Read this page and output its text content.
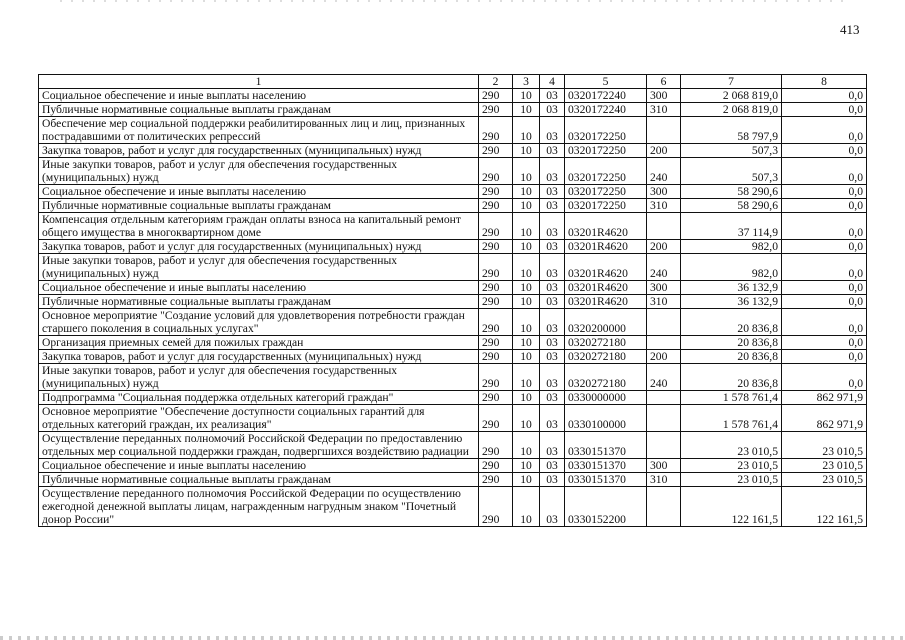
413
1	2	3	4	5	6	7	8
Социальное обеспечение и иные выплаты населению	290	10	03	0320172240	300	2 068 819,0	0,0
Публичные нормативные социальные выплаты гражданам	290	10	03	0320172240	310	2 068 819,0	0,0
Обеспечение мер социальной поддержки реабилитированных лиц и лиц, признанных пострадавшими от политических репрессий	290	10	03	0320172250		58 797,9	0,0
Закупка товаров, работ и услуг для государственных (муниципальных) нужд	290	10	03	0320172250	200	507,3	0,0
Иные закупки товаров, работ и услуг для обеспечения государственных (муниципальных) нужд	290	10	03	0320172250	240	507,3	0,0
Социальное обеспечение и иные выплаты населению	290	10	03	0320172250	300	58 290,6	0,0
Публичные нормативные социальные выплаты гражданам	290	10	03	0320172250	310	58 290,6	0,0
Компенсация отдельным категориям граждан оплаты взноса на капитальный ремонт общего имущества в многоквартирном доме	290	10	03	03201R4620		37 114,9	0,0
Закупка товаров, работ и услуг для государственных (муниципальных) нужд	290	10	03	03201R4620	200	982,0	0,0
Иные закупки товаров, работ и услуг для обеспечения государственных (муниципальных) нужд	290	10	03	03201R4620	240	982,0	0,0
Социальное обеспечение и иные выплаты населению	290	10	03	03201R4620	300	36 132,9	0,0
Публичные нормативные социальные выплаты гражданам	290	10	03	03201R4620	310	36 132,9	0,0
Основное мероприятие "Создание условий для удовлетворения потребности граждан старшего поколения в социальных услугах"	290	10	03	0320200000		20 836,8	0,0
Организация приемных семей для пожилых граждан	290	10	03	0320272180		20 836,8	0,0
Закупка товаров, работ и услуг для государственных (муниципальных) нужд	290	10	03	0320272180	200	20 836,8	0,0
Иные закупки товаров, работ и услуг для обеспечения государственных (муниципальных) нужд	290	10	03	0320272180	240	20 836,8	0,0
Подпрограмма "Социальная поддержка отдельных категорий граждан"	290	10	03	0330000000		1 578 761,4	862 971,9
Основное мероприятие "Обеспечение доступности социальных гарантий для отдельных категорий граждан, их реализация"	290	10	03	0330100000		1 578 761,4	862 971,9
Осуществление переданных полномочий Российской Федерации по предоставлению отдельных мер социальной поддержки граждан, подвергшихся воздействию радиации	290	10	03	0330151370		23 010,5	23 010,5
Социальное обеспечение и иные выплаты населению	290	10	03	0330151370	300	23 010,5	23 010,5
Публичные нормативные социальные выплаты гражданам	290	10	03	0330151370	310	23 010,5	23 010,5
Осуществление переданного полномочия Российской Федерации по осуществлению ежегодной денежной выплаты лицам, награжденным нагрудным знаком "Почетный донор России"	290	10	03	0330152200		122 161,5	122 161,5
